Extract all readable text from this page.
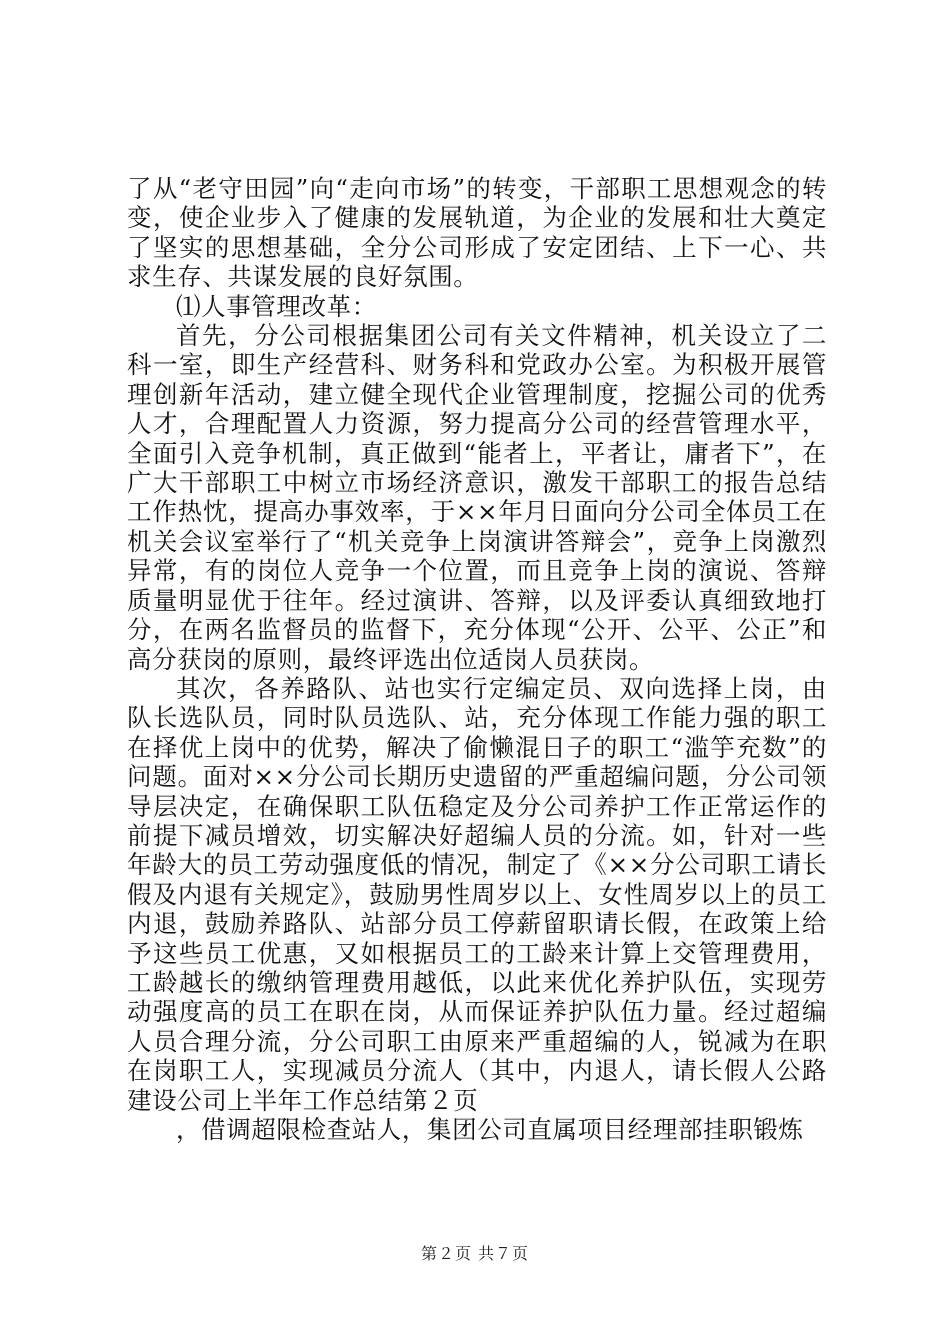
了从“老守田园”向“走向市场”的转变，干部职工思想观念的转变，使企业步入了健康的发展轨道，为企业的发展和壮大奠定了坚实的思想基础，全分公司形成了安定团结、上下一心、共求生存、共谋发展的良好氛围。

⑴人事管理改革：

首先，分公司根据集团公司有关文件精神，机关设立了二科一室，即生产经营科、财务科和党政办公室。为积极开展管理创新年活动，建立健全现代企业管理制度，挖掘公司的优秀人才，合理配置人力资源，努力提高分公司的经营管理水平，全面引入竞争机制，真正做到“能者上，平者让，庸者下”，在广大干部职工中树立市场经济意识，激发干部职工的报告总结工作热忱，提高办事效率，于××年月日面向分公司全体员工在机关会议室举行了“机关竞争上岗演讲答辩会”，竞争上岗激烈异常，有的岗位人竞争一个位置，而且竞争上岗的演说、答辩质量明显优于往年。经过演讲、答辩，以及评委认真细致地打分，在两名监督员的监督下，充分体现“公开、公平、公正”和高分获岗的原则，最终评选出位适岗人员获岗。

其次，各养路队、站也实行定编定员、双向选择上岗，由队长选队员，同时队员选队、站，充分体现工作能力强的职工在择优上岗中的优势，解决了偷懒混日子的职工“滥竽充数”的问题。面对××分公司长期历史遗留的严重超编问题，分公司领导层决定，在确保职工队伍稳定及分公司养护工作正常运作的前提下减员增效，切实解决好超编人员的分流。如，针对一些年龄大的员工劳动强度低的情况，制定了《××分公司职工请长假及内退有关规定》，鼓励男性周岁以上、女性周岁以上的员工内退，鼓励养路队、站部分员工停薪留职请长假，在政策上给予这些员工优惠，又如根据员工的工龄来计算上交管理费用，工龄越长的缴纳管理费用越低，以此来优化养护队伍，实现劳动强度高的员工在职在岗，从而保证养护队伍力量。经过超编人员合理分流，分公司职工由原来严重超编的人，锐减为在职在岗职工人，实现减员分流人（其中，内退人，请长假人公路建设公司上半年工作总结第２页

，借调超限检查站人，集团公司直属项目经理部挂职锻炼

第２页 共７页
